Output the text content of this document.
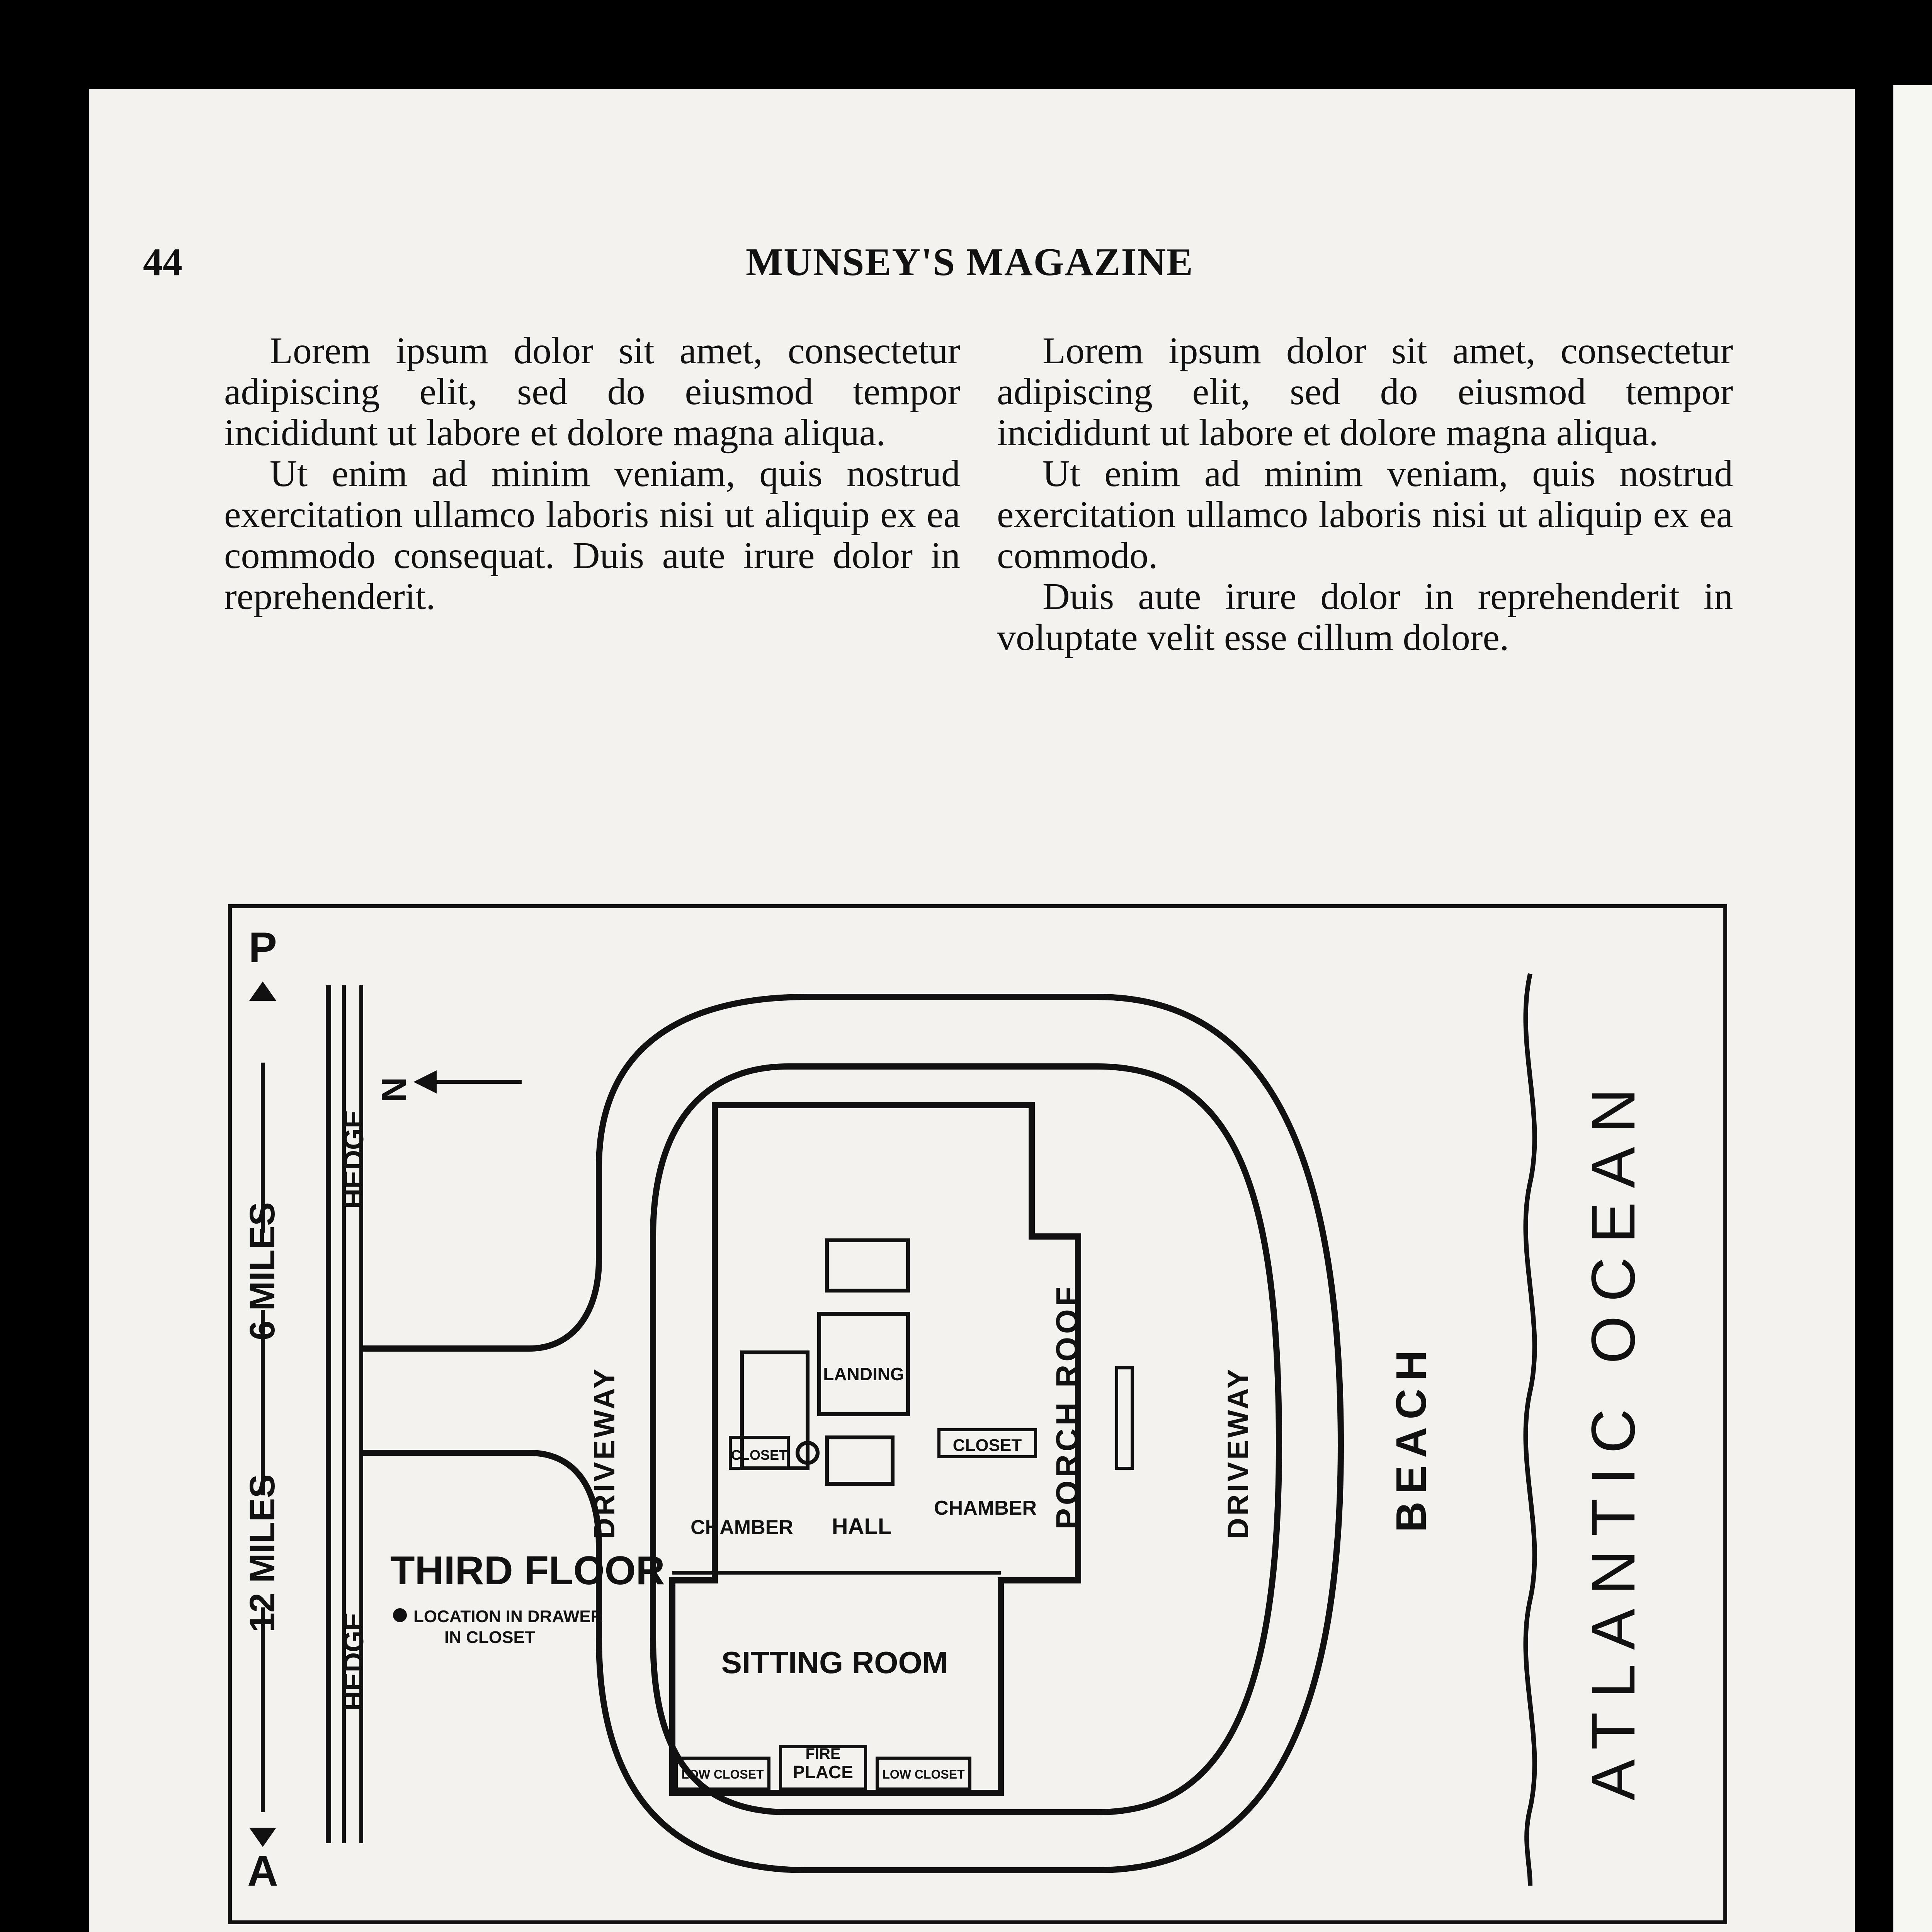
44	MUNSEY'S MAGAZINE

Lorem ipsum dolor sit amet, consectetur adipiscing elit, sed do eiusmod tempor incididunt ut labore et dolore magna aliqua.

Ut enim ad minim veniam, quis nostrud exercitation ullamco laboris nisi ut aliquip ex ea commodo consequat. Duis aute irure dolor in reprehenderit.

Lorem ipsum dolor sit amet, consectetur adipiscing elit, sed do eiusmod tempor incididunt ut labore et dolore magna aliqua.

Ut enim ad minim veniam, quis nostrud exercitation ullamco laboris nisi ut aliquip ex ea commodo.

Duis aute irure dolor in reprehenderit in voluptate velit esse cillum dolore.

P
A
6 MILES
12 MILES
HEDGE
HEDGE
N
DRIVEWAY	DRIVEWAY
THIRD FLOOR
LOCATION IN DRAWER
IN CLOSET
LANDING
CLOSET
CLOSET
CHAMBER HALL
CHAMBER
SITTING ROOM
FIRE
PLACE
LOW CLOSET	LOW CLOSET
PORCH ROOF	BEACH ATLANTIC OCEAN
